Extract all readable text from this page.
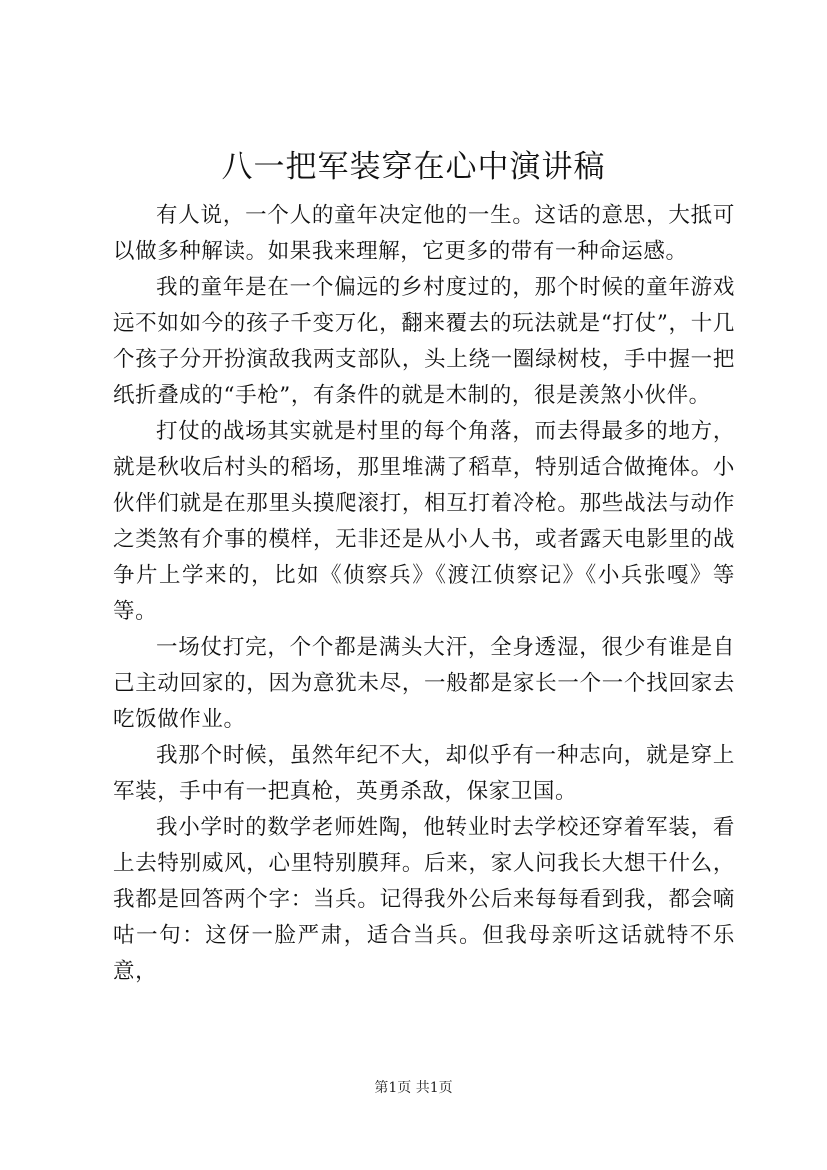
八一把军装穿在心中演讲稿

有人说，一个人的童年决定他的一生。这话的意思，大抵可以做多种解读。如果我来理解，它更多的带有一种命运感。

我的童年是在一个偏远的乡村度过的，那个时候的童年游戏远不如如今的孩子千变万化，翻来覆去的玩法就是“打仗”，十几个孩子分开扮演敌我两支部队，头上绕一圈绿树枝，手中握一把纸折叠成的“手枪”，有条件的就是木制的，很是羡煞小伙伴。

打仗的战场其实就是村里的每个角落，而去得最多的地方，就是秋收后村头的稻场，那里堆满了稻草，特别适合做掩体。小伙伴们就是在那里头摸爬滚打，相互打着冷枪。那些战法与动作之类煞有介事的模样，无非还是从小人书，或者露天电影里的战争片上学来的，比如《侦察兵》《渡江侦察记》《小兵张嘎》等等。

一场仗打完，个个都是满头大汗，全身透湿，很少有谁是自己主动回家的，因为意犹未尽，一般都是家长一个一个找回家去吃饭做作业。

我那个时候，虽然年纪不大，却似乎有一种志向，就是穿上军装，手中有一把真枪，英勇杀敌，保家卫国。

我小学时的数学老师姓陶，他转业时去学校还穿着军装，看上去特别威风，心里特别膜拜。后来，家人问我长大想干什么，我都是回答两个字：当兵。记得我外公后来每每看到我，都会嘀咕一句：这伢一脸严肃，适合当兵。但我母亲听这话就特不乐意，

第1页 共1页
